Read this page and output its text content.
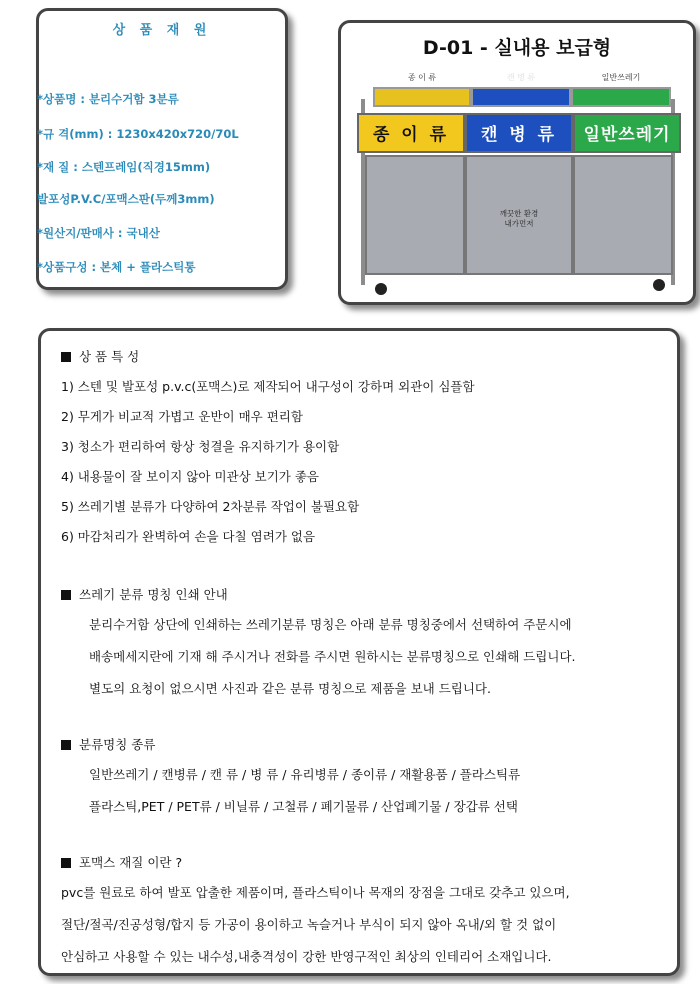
상 품 재 원
*상품명 : 분리수거함 3분류
*규 격(mm) : 1230x420x720/70L
*재 질 : 스텐프레임(직경15mm)
발포성P.V.C/포맥스판(두께3mm)
*원산지/판매사 : 국내산
*상품구성 : 본체 + 플라스틱통
D-01 - 실내용 보급형
종 이 류	캔 병 류	일반쓰레기
종 이 류	캔 병 류	일반쓰레기
깨끗한 환경
내가먼저
상 품 특 성
1) 스텐 및 발포성 p.v.c(포맥스)로 제작되어 내구성이 강하며 외관이 심플함
2) 무게가 비교적 가볍고 운반이 매우 편리함
3) 청소가 편리하여 항상 청결을 유지하기가 용이함
4) 내용물이 잘 보이지 않아 미관상 보기가 좋음
5) 쓰레기별 분류가 다양하여 2차분류 작업이 불필요함
6) 마감처리가 완벽하여 손을 다칠 염려가 없음
쓰레기 분류 명칭 인쇄 안내
분리수거함 상단에 인쇄하는 쓰레기분류 명칭은 아래 분류 명칭중에서 선택하여 주문시에
배송메세지란에 기재 해 주시거나 전화를 주시면 원하시는 분류명칭으로 인쇄해 드립니다.
별도의 요청이 없으시면 사진과 같은 분류 명칭으로 제품을 보내 드립니다.
분류명칭 종류
일반쓰레기 / 캔병류 / 캔 류 / 병 류 / 유리병류 / 종이류 / 재활용품 / 플라스틱류
플라스틱,PET / PET류 / 비닐류 / 고철류 / 폐기물류 / 산업폐기물 / 장갑류 선택
포맥스 재질 이란 ?
pvc를 원료로 하여 발포 압출한 제품이며, 플라스틱이나 목재의 장점을 그대로 갖추고 있으며,
절단/절곡/진공성형/합지 등 가공이 용이하고 녹슬거나 부식이 되지 않아 옥내/외 할 것 없이
안심하고 사용할 수 있는 내수성,내충격성이 강한 반영구적인 최상의 인테리어 소재입니다.
